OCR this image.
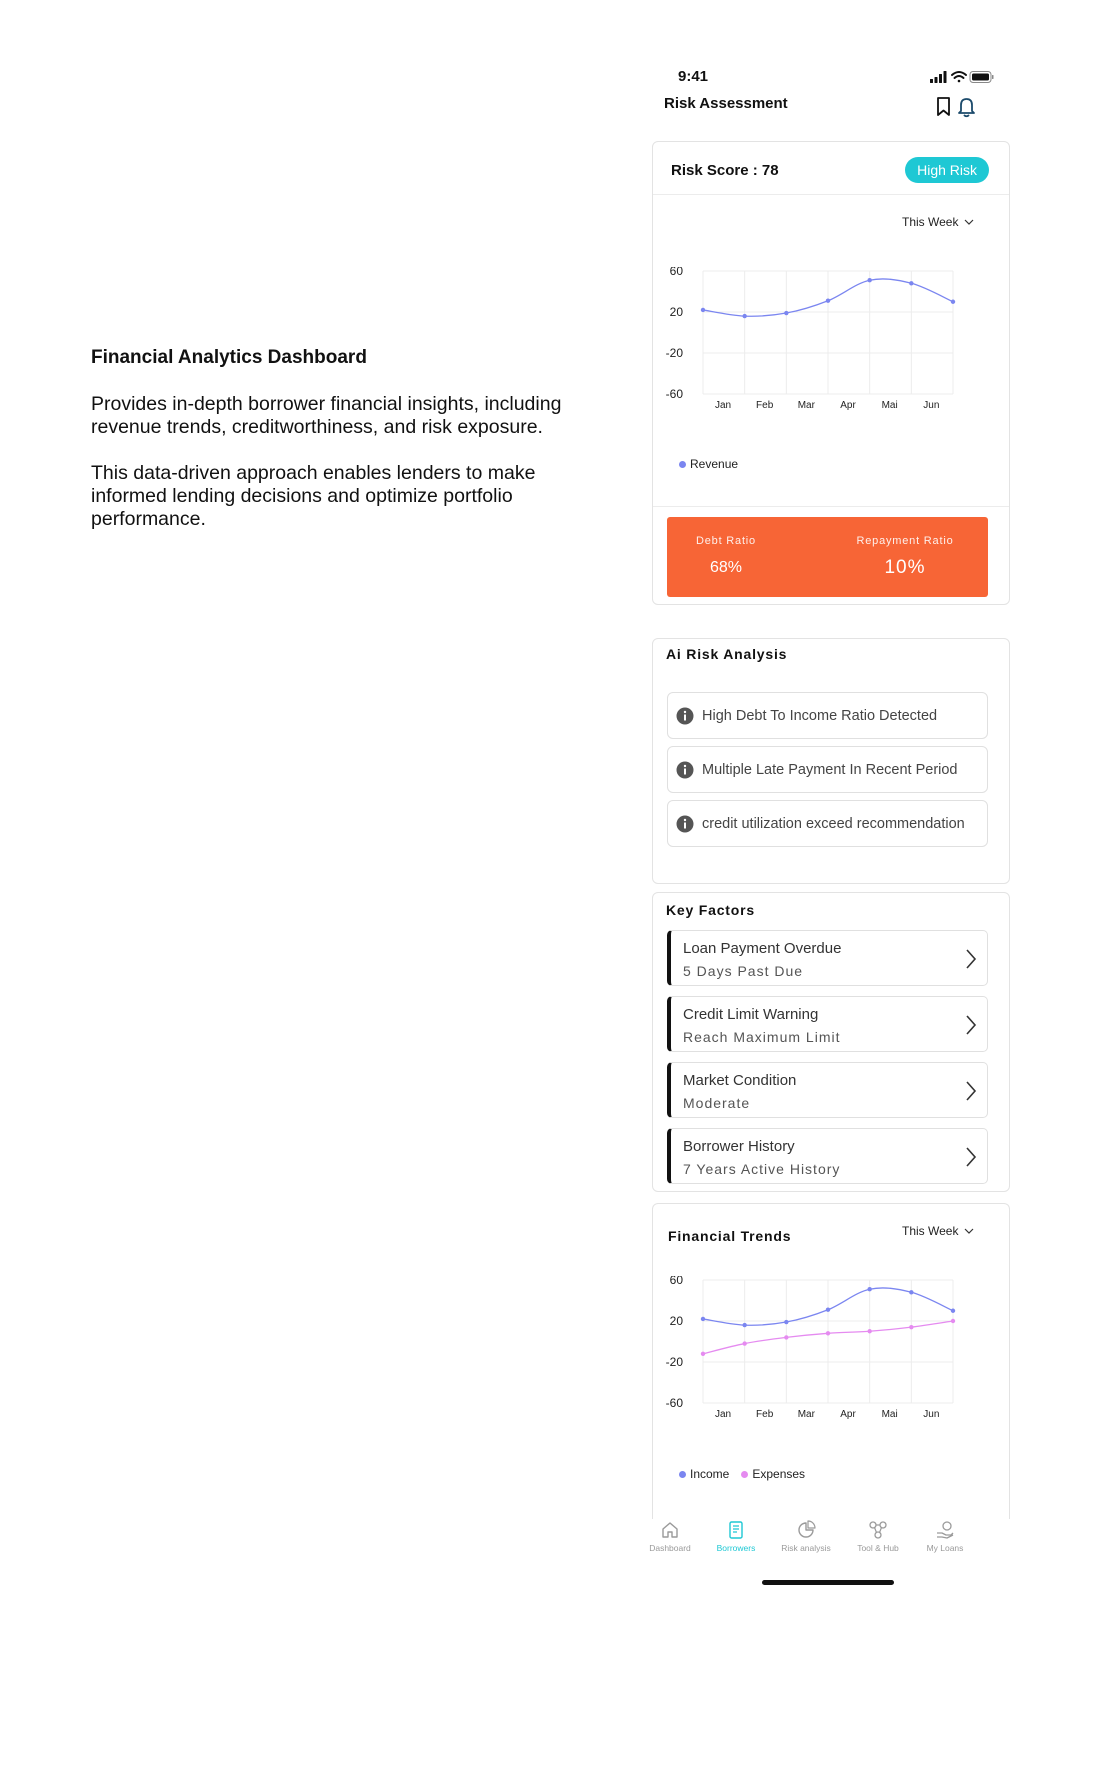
Financial Analytics Dashboard

Provides in-depth borrower financial insights, including revenue trends, creditworthiness, and risk exposure.

This data-driven approach enables lenders to make informed lending decisions and optimize portfolio performance.

9:41
Risk Assessment
Risk Score : 78	High Risk
This Week
60
20
-20
-60
Jan Feb Mar	Apr	Mai	Jun
Revenue
Debt Ratio
68%
Repayment Ratio
10%
Ai Risk Analysis
High Debt To Income Ratio Detected
Multiple Late Payment In Recent Period
credit utilization exceed recommendation
Key Factors
Loan Payment Overdue
5 Days Past Due
Credit Limit Warning
Reach Maximum Limit
Market Condition
Moderate
Borrower History
7 Years Active History
Financial Trends	This Week
60
20
-20
-60
Jan Feb Mar	Apr	Mai	Jun
Income Expenses
Dashboard	Borrowers	Risk analysis	Tool & Hub	My Loans
